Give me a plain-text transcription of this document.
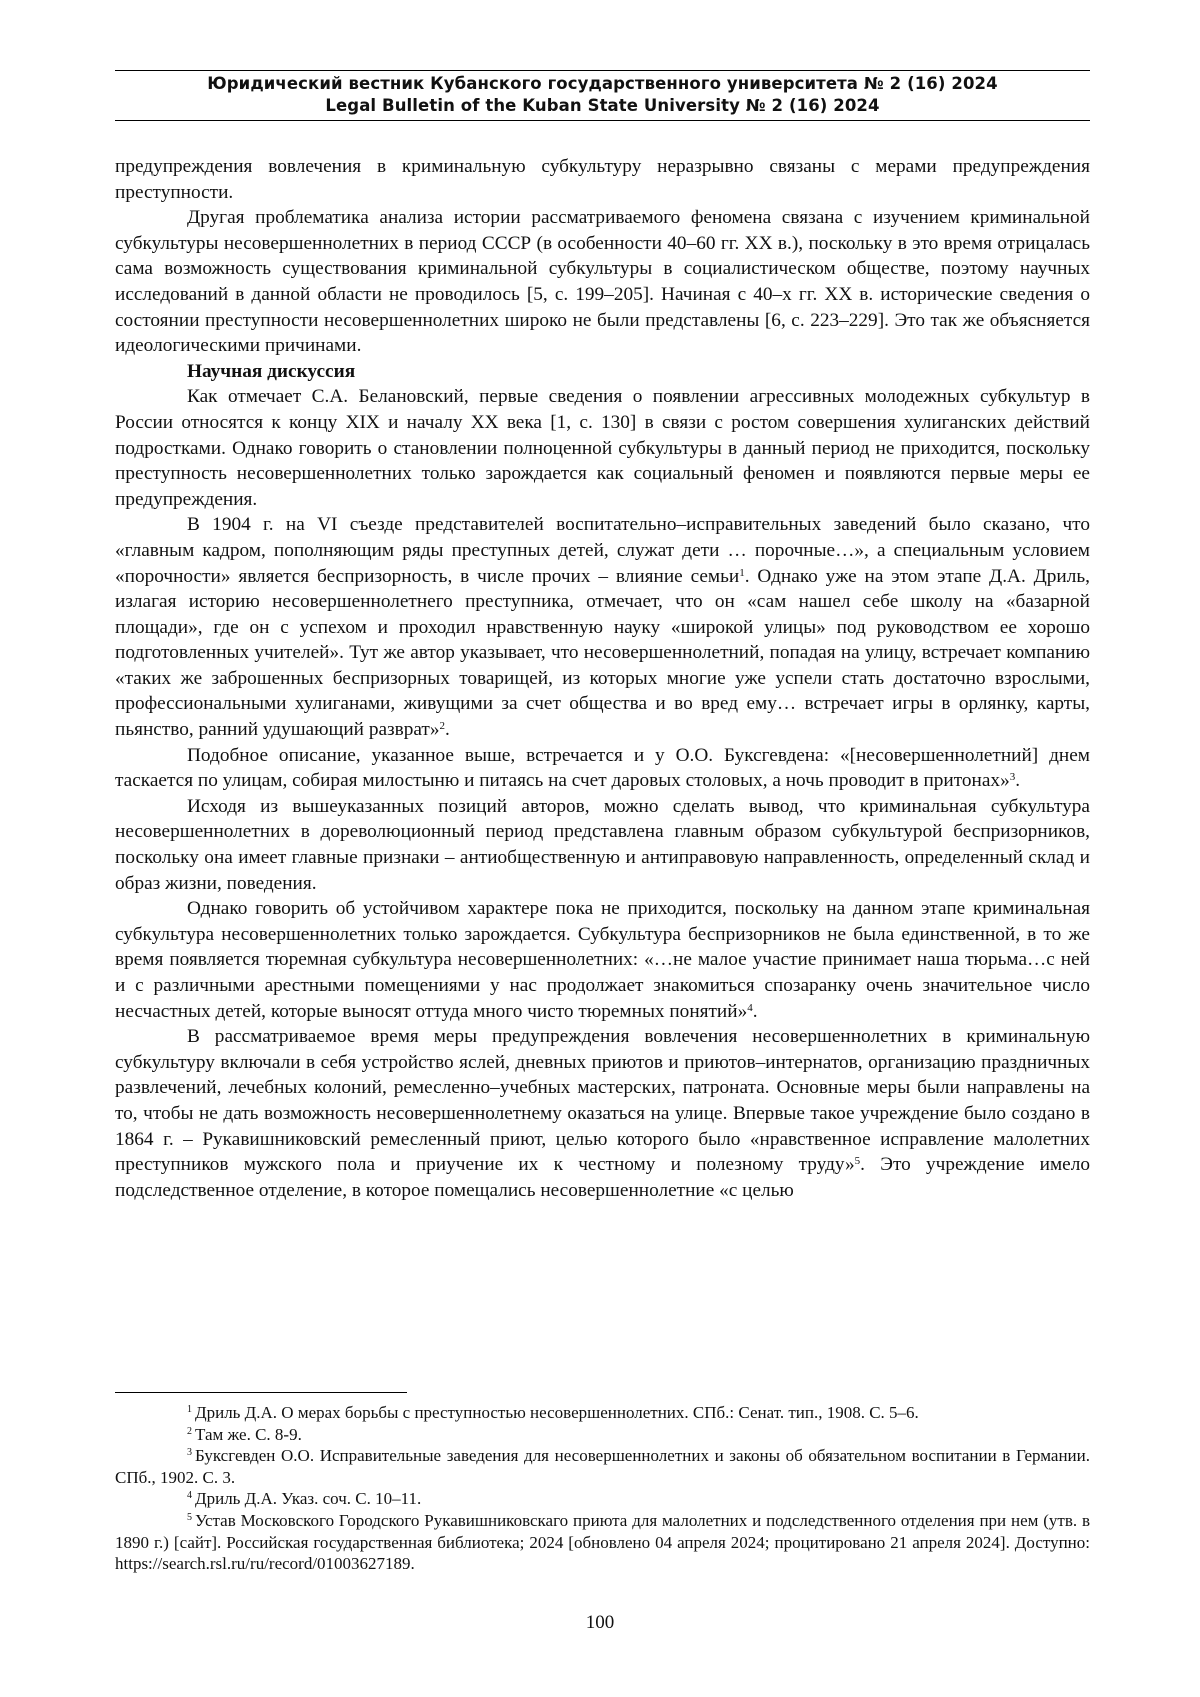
Юридический вестник Кубанского государственного университета № 2 (16) 2024
Legal Bulletin of the Kuban State University № 2 (16) 2024

предупреждения вовлечения в криминальную субкультуру неразрывно связаны с мерами предупреждения преступности.

Другая проблематика анализа истории рассматриваемого феномена связана с изучением криминальной субкультуры несовершеннолетних в период СССР (в особенности 40–60 гг. XX в.), поскольку в это время отрицалась сама возможность существования криминальной субкультуры в социалистическом обществе, поэтому научных исследований в данной области не проводилось [5, с. 199–205]. Начиная с 40–х гг. XX в. исторические сведения о состоянии преступности несовершеннолетних широко не были представлены [6, с. 223–229]. Это так же объясняется идеологическими причинами.

Научная дискуссия

Как отмечает С.А. Белановский, первые сведения о появлении агрессивных молодежных субкультур в России относятся к концу XIX и началу XX века [1, с. 130] в связи с ростом совершения хулиганских действий подростками. Однако говорить о становлении полноценной субкультуры в данный период не приходится, поскольку преступность несовершеннолетних только зарождается как социальный феномен и появляются первые меры ее предупреждения.

В 1904 г. на VI съезде представителей воспитательно–исправительных заведений было сказано, что «главным кадром, пополняющим ряды преступных детей, служат дети … порочные…», а специальным условием «порочности» является беспризорность, в числе прочих – влияние семьи$^1$. Однако уже на этом этапе Д.А. Дриль, излагая историю несовершеннолетнего преступника, отмечает, что он «сам нашел себе школу на «базарной площади», где он с успехом и проходил нравственную науку «широкой улицы» под руководством ее хорошо подготовленных учителей». Тут же автор указывает, что несовершеннолетний, попадая на улицу, встречает компанию «таких же заброшенных беспризорных товарищей, из которых многие уже успели стать достаточно взрослыми, профессиональными хулиганами, живущими за счет общества и во вред ему… встречает игры в орлянку, карты, пьянство, ранний удушающий разврат»$^2$.

Подобное описание, указанное выше, встречается и у О.О. Буксгевдена: «[несовершеннолетний] днем таскается по улицам, собирая милостыню и питаясь на счет даровых столовых, а ночь проводит в притонах»$^3$.

Исходя из вышеуказанных позиций авторов, можно сделать вывод, что криминальная субкультура несовершеннолетних в дореволюционный период представлена главным образом субкультурой беспризорников, поскольку она имеет главные признаки – антиобщественную и антиправовую направленность, определенный склад и образ жизни, поведения.

Однако говорить об устойчивом характере пока не приходится, поскольку на данном этапе криминальная субкультура несовершеннолетних только зарождается. Субкультура беспризорников не была единственной, в то же время появляется тюремная субкультура несовершеннолетних: «…не малое участие принимает наша тюрьма…с ней и с различными арестными помещениями у нас продолжает знакомиться спозаранку очень значительное число несчастных детей, которые выносят оттуда много чисто тюремных понятий»$^4$.

В рассматриваемое время меры предупреждения вовлечения несовершеннолетних в криминальную субкультуру включали в себя устройство яслей, дневных приютов и приютов–интернатов, организацию праздничных развлечений, лечебных колоний, ремесленно–учебных мастерских, патроната. Основные меры были направлены на то, чтобы не дать возможность несовершеннолетнему оказаться на улице. Впервые такое учреждение было создано в 1864 г. – Рукавишниковский ремесленный приют, целью которого было «нравственное исправление малолетних преступников мужского пола и приучение их к честному и полезному труду»$^5$. Это учреждение имело подследственное отделение, в которое помещались несовершеннолетние «с целью

$^1$ Дриль Д.А. О мерах борьбы с преступностью несовершеннолетних. СПб.: Сенат. тип., 1908. С. 5–6.

$^2$ Там же. С. 8-9.

$^3$ Буксгевден О.О. Исправительные заведения для несовершеннолетних и законы об обязательном воспитании в Германии. СПб., 1902. С. 3.

$^4$ Дриль Д.А. Указ. соч. С. 10–11.

$^5$ Устав Московского Городского Рукавишниковскаго приюта для малолетних и подследственного отделения при нем (утв. в 1890 г.) [сайт]. Российская государственная библиотека; 2024 [обновлено 04 апреля 2024; процитировано 21 апреля 2024]. Доступно: https://search.rsl.ru/ru/record/01003627189.

100
